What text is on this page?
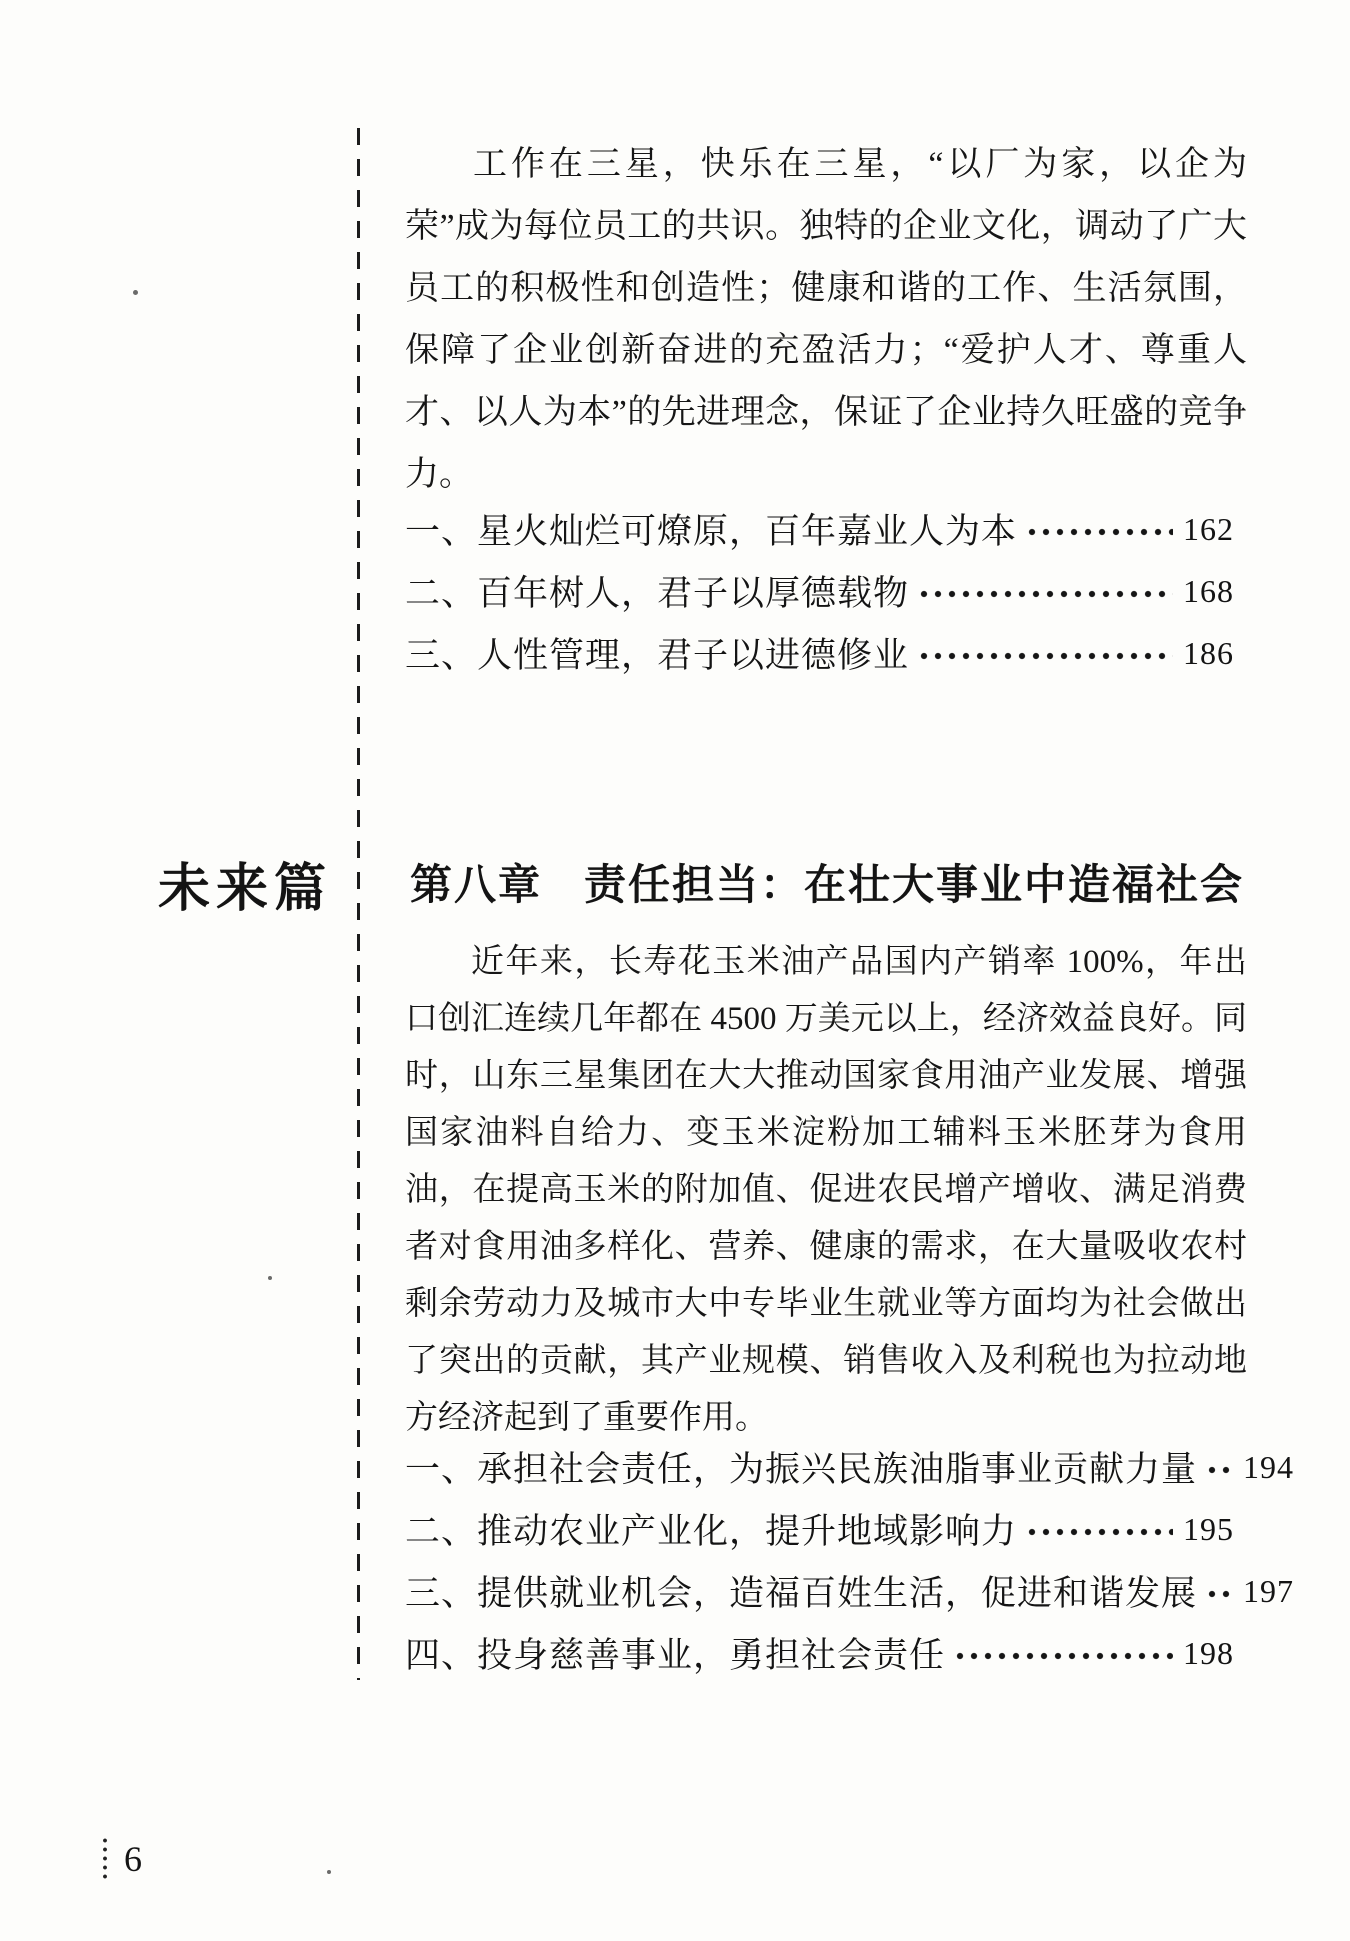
工作在三星，快乐在三星，“以厂为家，以企为荣”成为每位员工的共识。独特的企业文化，调动了广大员工的积极性和创造性；健康和谐的工作、生活氛围，保障了企业创新奋进的充盈活力；“爱护人才、尊重人才、以人为本”的先进理念，保证了企业持久旺盛的竞争力。
一、星火灿烂可燎原，百年嘉业人为本	162
二、百年树人，君子以厚德载物	168
三、人性管理，君子以进德修业	186
未来篇 第八章 责任担当：在壮大事业中造福社会
近年来，长寿花玉米油产品国内产销率 100%，年出口创汇连续几年都在 4500 万美元以上，经济效益良好。同时，山东三星集团在大大推动国家食用油产业发展、增强国家油料自给力、变玉米淀粉加工辅料玉米胚芽为食用油，在提高玉米的附加值、促进农民增产增收、满足消费者对食用油多样化、营养、健康的需求，在大量吸收农村剩余劳动力及城市大中专毕业生就业等方面均为社会做出了突出的贡献，其产业规模、销售收入及利税也为拉动地方经济起到了重要作用。
一、承担社会责任，为振兴民族油脂事业贡献力量 194
二、推动农业产业化，提升地域影响力	195
三、提供就业机会，造福百姓生活，促进和谐发展 197
四、投身慈善事业，勇担社会责任	198
6
